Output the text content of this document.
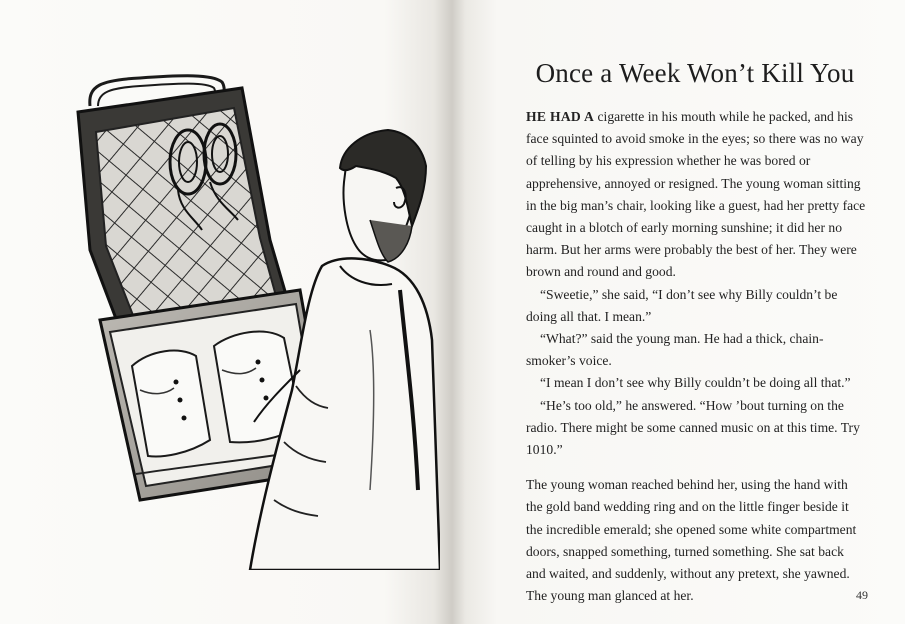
Once a Week Won’t Kill You

HE HAD A cigarette in his mouth while he packed, and his face squinted to avoid smoke in the eyes; so there was no way of telling by his expression whether he was bored or apprehensive, annoyed or resigned. The young woman sitting in the big man’s chair, looking like a guest, had her pretty face caught in a blotch of early morning sunshine; it did her no harm. But her arms were probably the best of her. They were brown and round and good.

“Sweetie,” she said, “I don’t see why Billy couldn’t be doing all that. I mean.”

“What?” said the young man. He had a thick, chain-smoker’s voice.

“I mean I don’t see why Billy couldn’t be doing all that.”

“He’s too old,” he answered. “How ’bout turning on the radio. There might be some canned music on at this time. Try 1010.”

The young woman reached behind her, using the hand with the gold band wedding ring and on the little finger beside it the incredible emerald; she opened some white compartment doors, snapped something, turned something. She sat back and waited, and suddenly, without any pretext, she yawned. The young man glanced at her.	49
